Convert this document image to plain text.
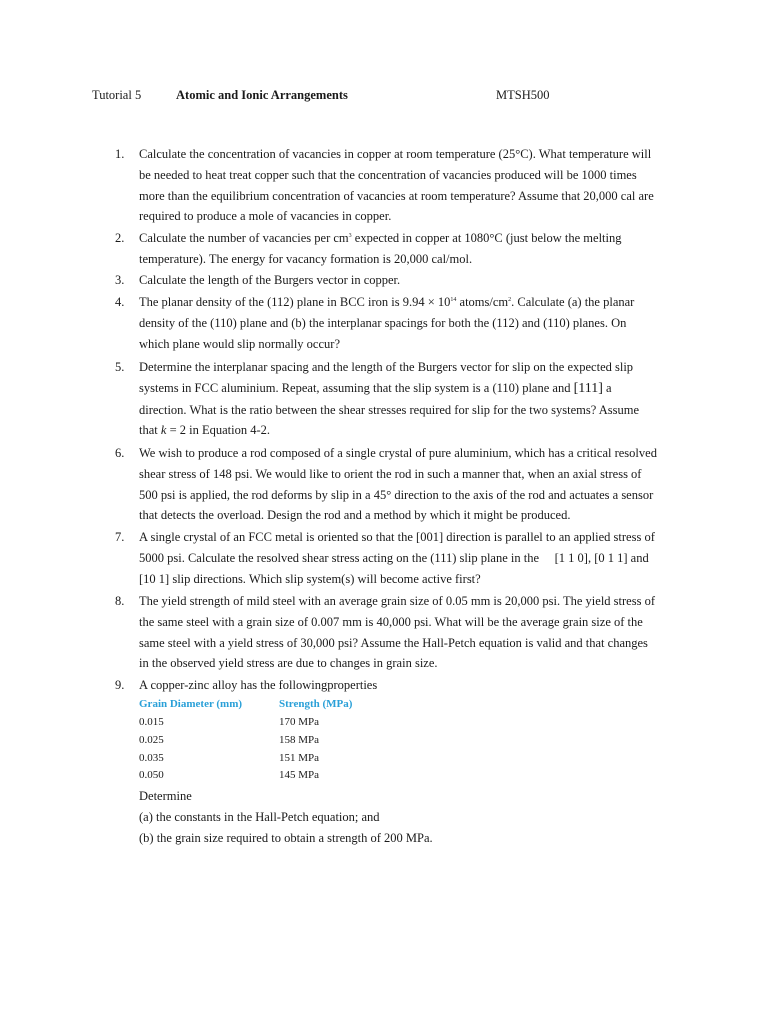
Tutorial 5	Atomic and Ionic Arrangements	MTSH500
1. Calculate the concentration of vacancies in copper at room temperature (25°C). What temperature will
be needed to heat treat copper such that the concentration of vacancies produced will be 1000 times
more than the equilibrium concentration of vacancies at room temperature? Assume that 20,000 cal are
required to produce a mole of vacancies in copper.
2. Calculate the number of vacancies per $cm^3$ expected in copper at 1080°C (just below the melting
temperature). The energy for vacancy formation is 20,000 cal/mol.
3. Calculate the length of the Burgers vector in copper.
4. The planar density of the (112) plane in BCC iron is $9.94 \times 10^{14}$ atoms/$cm^2$. Calculate (a) the planar
density of the (110) plane and (b) the interplanar spacings for both the (112) and (110) planes. On
which plane would slip normally occur?
5. Determine the interplanar spacing and the length of the Burgers vector for slip on the expected slip
systems in FCC aluminium. Repeat, assuming that the slip system is a (110) plane and [111] a
direction. What is the ratio between the shear stresses required for slip for the two systems? Assume
that k = 2 in Equation 4-2.
6. We wish to produce a rod composed of a single crystal of pure aluminium, which has a critical resolved
shear stress of 148 psi. We would like to orient the rod in such a manner that, when an axial stress of
500 psi is applied, the rod deforms by slip in a 45° direction to the axis of the rod and actuates a sensor
that detects the overload. Design the rod and a method by which it might be produced.
7. A single crystal of an FCC metal is oriented so that the [001] direction is parallel to an applied stress of
5000 psi. Calculate the resolved shear stress acting on the (111) slip plane in the     [1 1 0], [0 1 1] and
[10 1] slip directions. Which slip system(s) will become active first?
8. The yield strength of mild steel with an average grain size of 0.05 mm is 20,000 psi. The yield stress of
the same steel with a grain size of 0.007 mm is 40,000 psi. What will be the average grain size of the
same steel with a yield stress of 30,000 psi? Assume the Hall-Petch equation is valid and that changes
in the observed yield stress are due to changes in grain size.
9. A copper-zinc alloy has the followingproperties
Grain Diameter (mm)	Strength (MPa)
0.015	170 MPa
0.025	158 MPa
0.035	151 MPa
0.050	145 MPa
Determine
(a) the constants in the Hall-Petch equation; and
(b) the grain size required to obtain a strength of 200 MPa.
